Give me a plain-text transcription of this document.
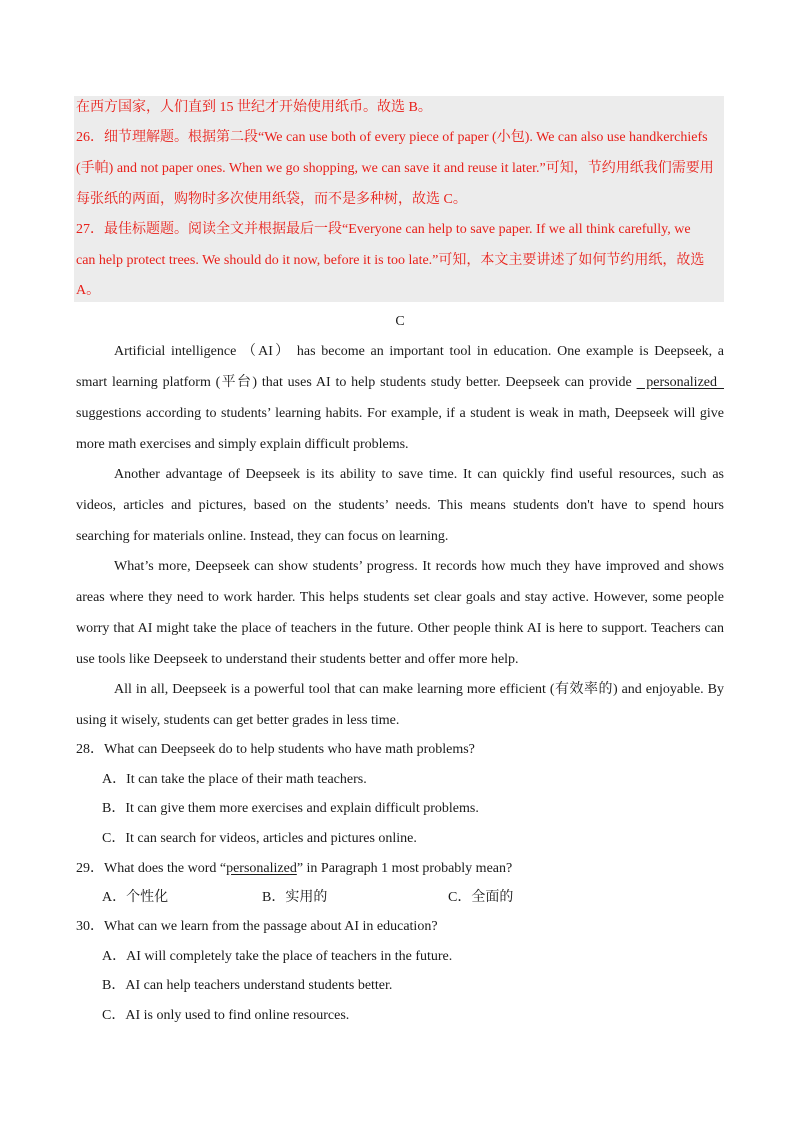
在西方国家，人们直到 15 世纪才开始使用纸币。故选 B。
26．细节理解题。根据第二段“We can use both of every piece of paper (小包). We can also use handkerchiefs
(手帕) and not paper ones. When we go shopping, we can save it and reuse it later.”可知，节约用纸我们需要用
每张纸的两面，购物时多次使用纸袋，而不是多种树，故选 C。
27．最佳标题题。阅读全文并根据最后一段“Everyone can help to save paper. If we all think carefully, we
can help protect trees. We should do it now, before it is too late.”可知，本文主要讲述了如何节约用纸，故选
A。
C
Artificial intelligence （AI） has become an important tool in education. One example is Deepseek, a
smart learning platform (平台) that uses AI to help students study better. Deepseek can provide   personalized
suggestions according to students’ learning habits. For example, if a student is weak in math, Deepseek will give
more math exercises and simply explain difficult problems.
Another advantage of Deepseek is its ability to save time. It can quickly find useful resources, such as
videos, articles and pictures, based on the students’ needs. This means students don't have to spend hours
searching for materials online. Instead, they can focus on learning.
What’s more, Deepseek can show students’ progress. It records how much they have improved and shows
areas where they need to work harder. This helps students set clear goals and stay active. However, some people
worry that AI might take the place of teachers in the future. Other people think AI is here to support. Teachers can
use tools like Deepseek to understand their students better and offer more help.
All in all, Deepseek is a powerful tool that can make learning more efficient (有效率的) and enjoyable. By
using it wisely, students can get better grades in less time.
28．What can Deepseek do to help students who have math problems?
A．It can take the place of their math teachers.
B．It can give them more exercises and explain difficult problems.
C．It can search for videos, articles and pictures online.
29．What does the word “personalized” in Paragraph 1 most probably mean?
A．个性化	B．实用的	C．全面的
30．What can we learn from the passage about AI in education?
A．AI will completely take the place of teachers in the future.
B．AI can help teachers understand students better.
C．AI is only used to find online resources.
